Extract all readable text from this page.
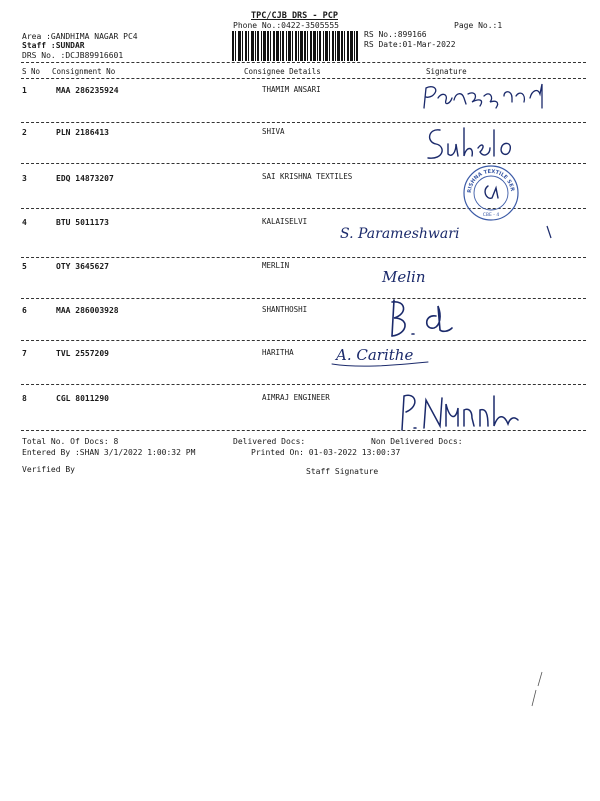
TPC/CJB DRS - PCP
Phone No.:0422-3505555	Page No.:1
Area :GANDHIMA NAGAR PC4
Staff :SUNDAR
DRS No. :DCJB89916601
RS No.:899166
RS Date:01-Mar-2022
S No Consignment No	Consignee Details	Signature
1	MAA 286235924	THAMIM ANSARI
2	PLN 2186413	SHIVA
3	EDQ 14873207	SAI KRISHNA TEXTILES
4	BTU 5011173	KALAISELVI
5	OTY 3645627	MERLIN
6	MAA 286003928	SHANTHOSHI
7	TVL 2557209	HARITHA
8	CGL 8011290	AIMRAJ ENGINEER
S. Parameshwari
Melin
A. Carithe
RISHNA TEXTILE SER
CBE - 4
Total No. Of Docs: 8	Delivered Docs:	Non Delivered Docs:
Entered By :SHAN 3/1/2022 1:00:32 PM	Printed On: 01-03-2022 13:00:37
Verified By	Staff Signature
